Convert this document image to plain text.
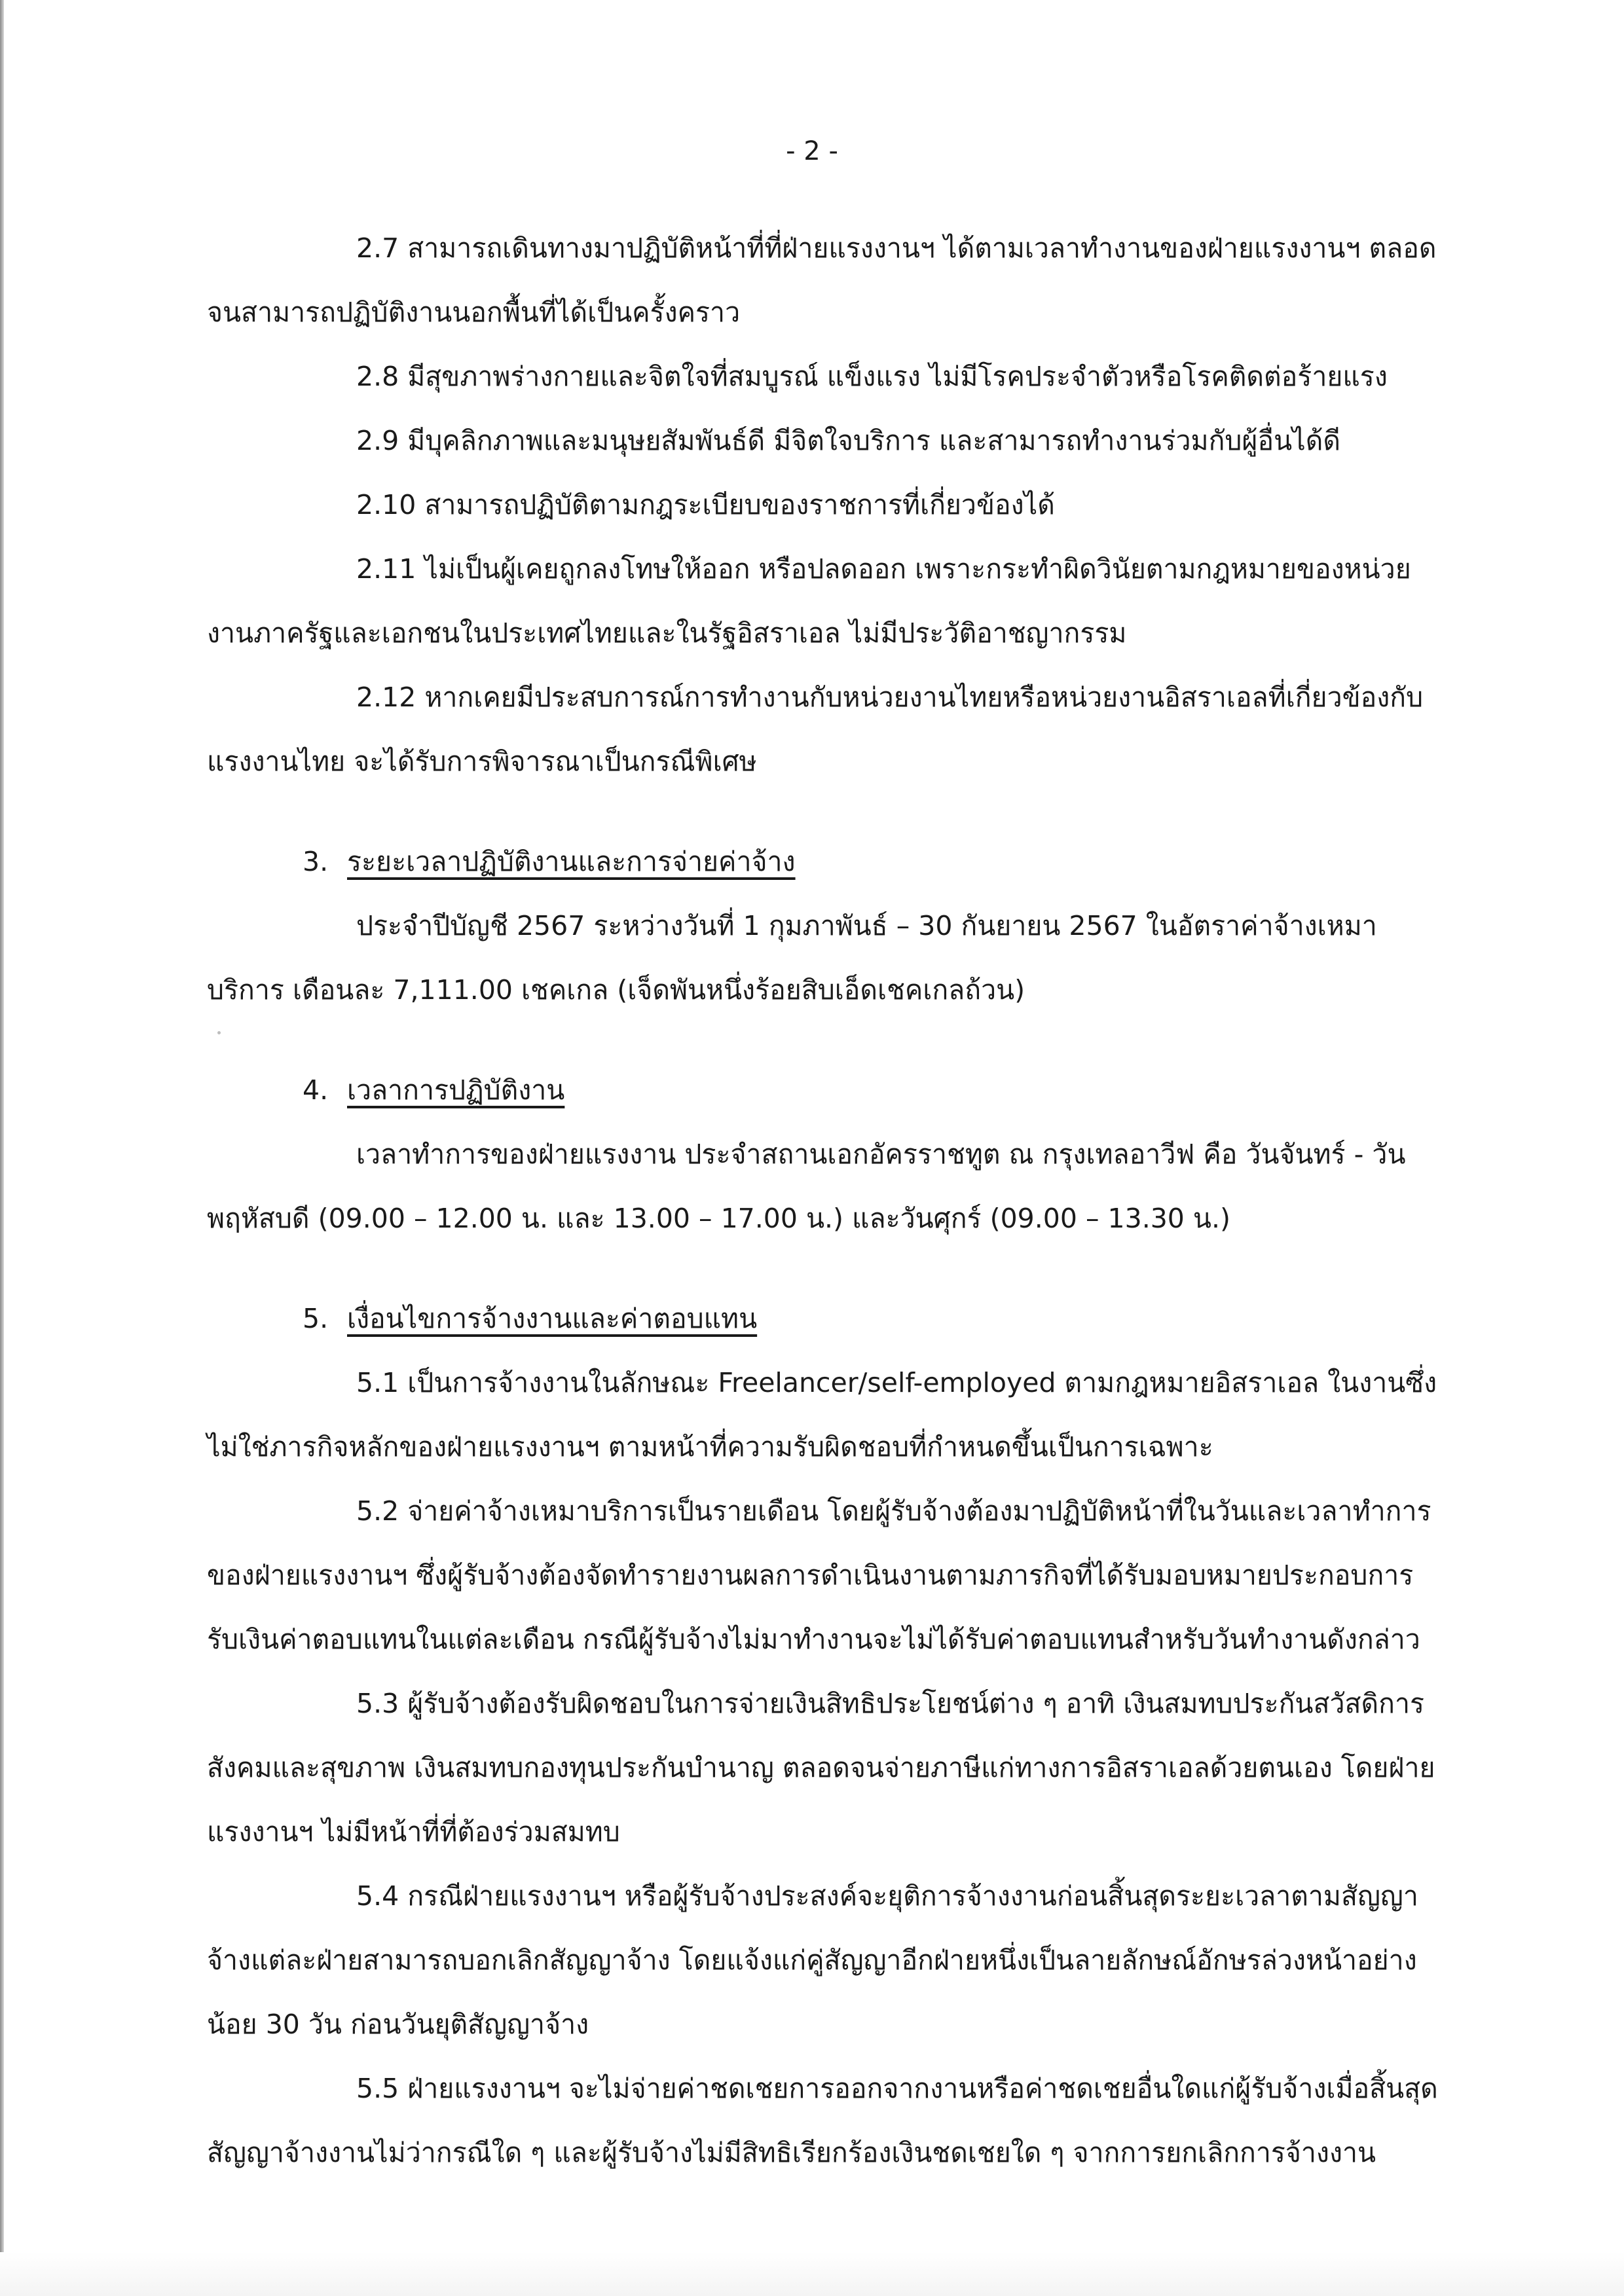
- 2 -

2.7 สามารถเดินทางมาปฏิบัติหน้าที่ที่ฝ่ายแรงงานฯ ได้ตามเวลาทำงานของฝ่ายแรงงานฯ ตลอดจนสามารถปฏิบัติงานนอกพื้นที่ได้เป็นครั้งคราว

2.8 มีสุขภาพร่างกายและจิตใจที่สมบูรณ์ แข็งแรง ไม่มีโรคประจำตัวหรือโรคติดต่อร้ายแรง

2.9 มีบุคลิกภาพและมนุษยสัมพันธ์ดี มีจิตใจบริการ และสามารถทำงานร่วมกับผู้อื่นได้ดี

2.10 สามารถปฏิบัติตามกฎระเบียบของราชการที่เกี่ยวข้องได้

2.11 ไม่เป็นผู้เคยถูกลงโทษให้ออก หรือปลดออก เพราะกระทำผิดวินัยตามกฎหมายของหน่วยงานภาครัฐและเอกชนในประเทศไทยและในรัฐอิสราเอล ไม่มีประวัติอาชญากรรม

2.12 หากเคยมีประสบการณ์การทำงานกับหน่วยงานไทยหรือหน่วยงานอิสราเอลที่เกี่ยวข้องกับแรงงานไทย จะได้รับการพิจารณาเป็นกรณีพิเศษ

3. ระยะเวลาปฏิบัติงานและการจ่ายค่าจ้าง

ประจำปีบัญชี 2567 ระหว่างวันที่ 1 กุมภาพันธ์ – 30 กันยายน 2567 ในอัตราค่าจ้างเหมาบริการ เดือนละ 7,111.00 เชคเกล (เจ็ดพันหนึ่งร้อยสิบเอ็ดเชคเกลถ้วน)

4. เวลาการปฏิบัติงาน

เวลาทำการของฝ่ายแรงงาน ประจำสถานเอกอัครราชทูต ณ กรุงเทลอาวีฟ คือ วันจันทร์ - วันพฤหัสบดี (09.00 – 12.00 น. และ 13.00 – 17.00 น.) และวันศุกร์ (09.00 – 13.30 น.)

5. เงื่อนไขการจ้างงานและค่าตอบแทน

5.1 เป็นการจ้างงานในลักษณะ Freelancer/self-employed ตามกฎหมายอิสราเอล ในงานซึ่งไม่ใช่ภารกิจหลักของฝ่ายแรงงานฯ ตามหน้าที่ความรับผิดชอบที่กำหนดขึ้นเป็นการเฉพาะ

5.2 จ่ายค่าจ้างเหมาบริการเป็นรายเดือน โดยผู้รับจ้างต้องมาปฏิบัติหน้าที่ในวันและเวลาทำการของฝ่ายแรงงานฯ ซึ่งผู้รับจ้างต้องจัดทำรายงานผลการดำเนินงานตามภารกิจที่ได้รับมอบหมายประกอบการรับเงินค่าตอบแทนในแต่ละเดือน กรณีผู้รับจ้างไม่มาทำงานจะไม่ได้รับค่าตอบแทนสำหรับวันทำงานดังกล่าว

5.3 ผู้รับจ้างต้องรับผิดชอบในการจ่ายเงินสิทธิประโยชน์ต่าง ๆ อาทิ เงินสมทบประกันสวัสดิการสังคมและสุขภาพ เงินสมทบกองทุนประกันบำนาญ ตลอดจนจ่ายภาษีแก่ทางการอิสราเอลด้วยตนเอง โดยฝ่ายแรงงานฯ ไม่มีหน้าที่ที่ต้องร่วมสมทบ

5.4 กรณีฝ่ายแรงงานฯ หรือผู้รับจ้างประสงค์จะยุติการจ้างงานก่อนสิ้นสุดระยะเวลาตามสัญญาจ้างแต่ละฝ่ายสามารถบอกเลิกสัญญาจ้าง โดยแจ้งแก่คู่สัญญาอีกฝ่ายหนึ่งเป็นลายลักษณ์อักษรล่วงหน้าอย่างน้อย 30 วัน ก่อนวันยุติสัญญาจ้าง

5.5 ฝ่ายแรงงานฯ จะไม่จ่ายค่าชดเชยการออกจากงานหรือค่าชดเชยอื่นใดแก่ผู้รับจ้างเมื่อสิ้นสุดสัญญาจ้างงานไม่ว่ากรณีใด ๆ และผู้รับจ้างไม่มีสิทธิเรียกร้องเงินชดเชยใด ๆ จากการยกเลิกการจ้างงาน
